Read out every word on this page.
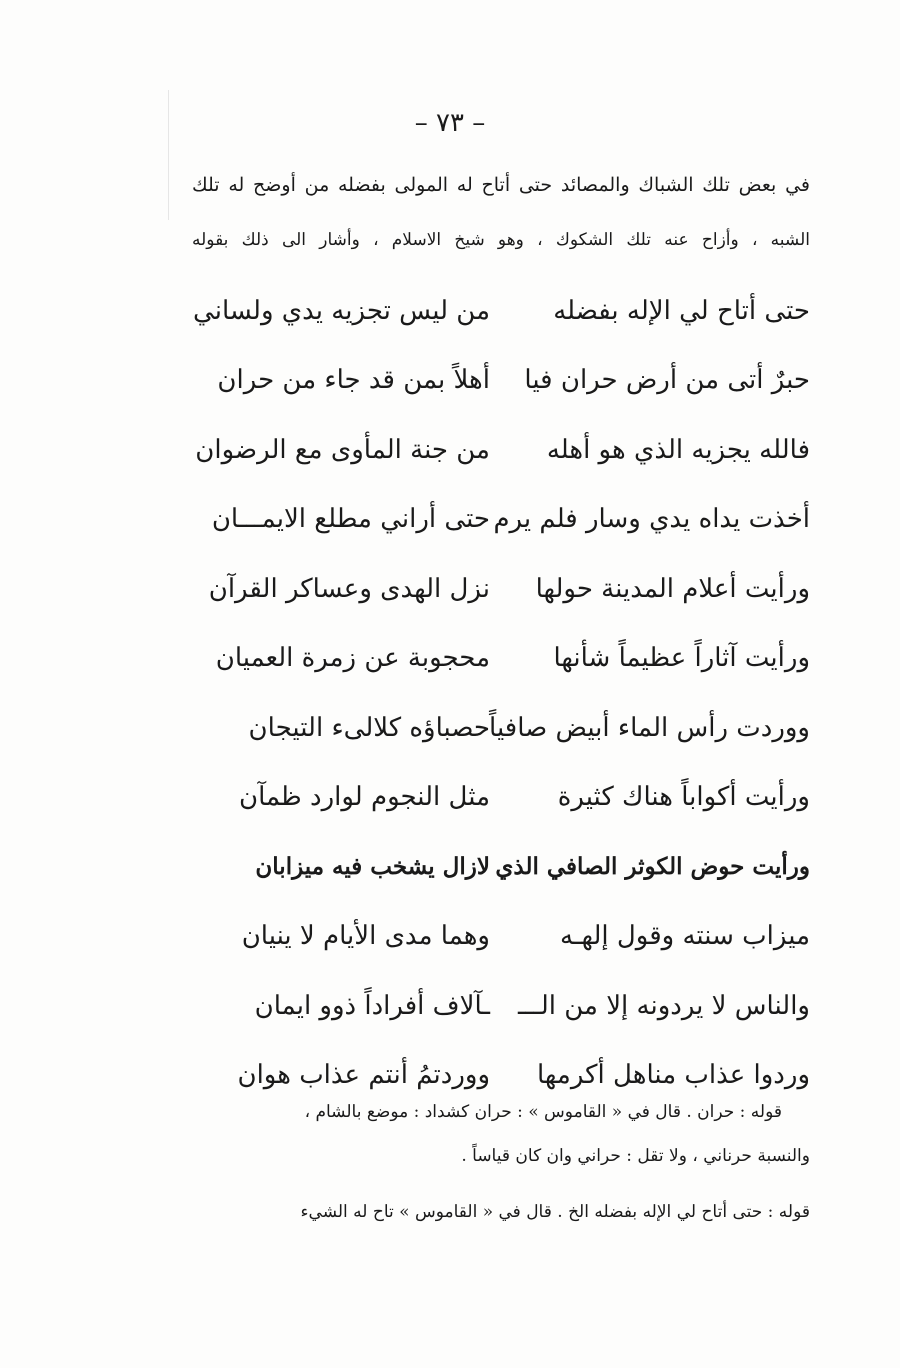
– ٧٣ –
في بعض تلك الشباك والمصائد حتى أتاح له المولى بفضله من أوضح له تلك
الشبه ، وأزاح عنه تلك الشكوك ، وهو شيخ الاسلام ، وأشار الى ذلك بقوله
حتى أتاح لي الإله بفضله
من ليس تجزيه يدي ولساني
حبرٌ أتى من أرض حران فيا
أهلاً بمن قد جاء من حران
فالله يجزيه الذي هو أهله
من جنة المأوى مع الرضوان
أخذت يداه يدي وسار فلم يرم
حتى أراني مطلع الايمـــان
ورأيت أعلام المدينة حولها
نزل الهدى وعساكر القرآن
ورأيت آثاراً عظيماً شأنها
محجوبة عن زمرة العميان
ووردت رأس الماء أبيض صافياً
حصباؤه كلالىء التيجان
ورأيت أكواباً هناك كثيرة
مثل النجوم لوارد ظمآن
ورأيت حوض الكوثر الصافي الذي
لازال يشخب فيه ميزابان
ميزاب سنته وقول إلهـه
وهما مدى الأيام لا ينيان
والناس لا يردونه إلا من الـــ
ـآلاف أفراداً ذوو ايمان
وردوا عذاب مناهل أكرمها
ووردتمُ أنتم عذاب هوان
قوله : حران . قال في « القاموس » : حران كشداد : موضع بالشام ،
والنسبة حرناني ، ولا تقل : حراني وان كان قياساً .
قوله : حتى أتاح لي الإله بفضله الخ . قال في « القاموس » تاح له الشيء
